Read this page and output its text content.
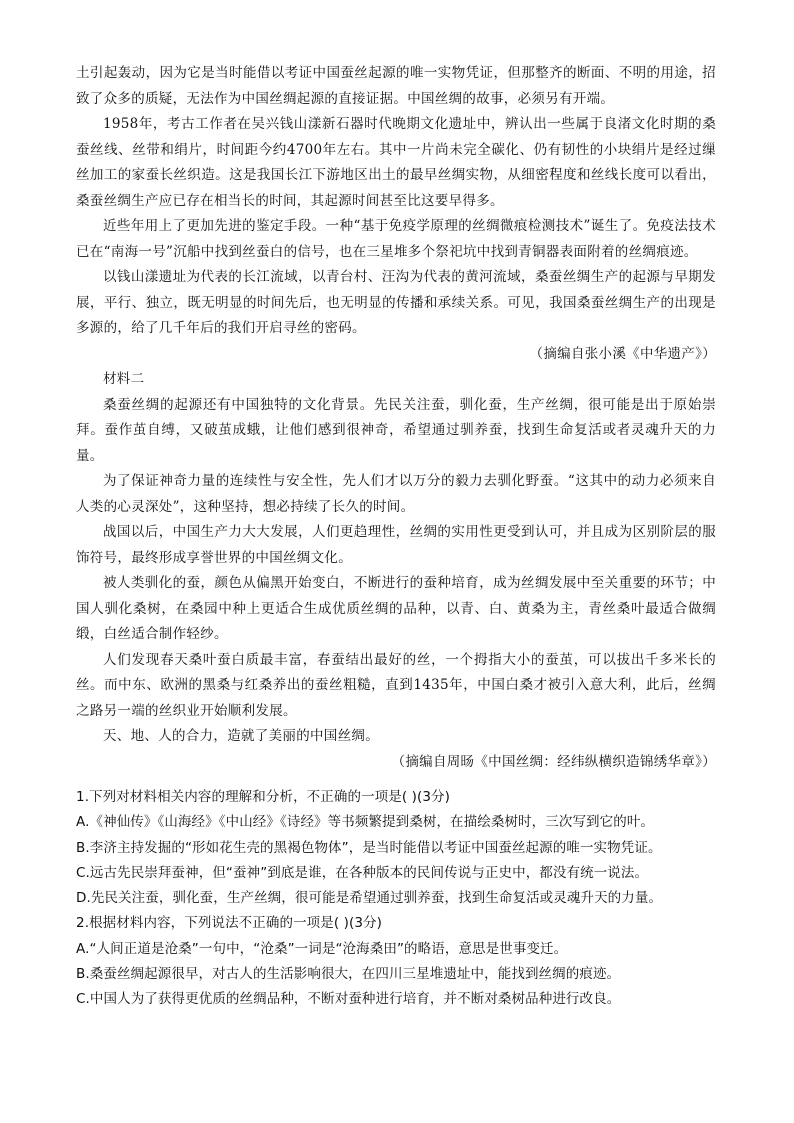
土引起轰动，因为它是当时能借以考证中国蚕丝起源的唯一实物凭证，但那整齐的断面、不明的用途，招致了众多的质疑，无法作为中国丝绸起源的直接证据。中国丝绸的故事，必须另有开端。

1958年，考古工作者在吴兴钱山漾新石器时代晚期文化遗址中，辨认出一些属于良渚文化时期的桑蚕丝线、丝带和绢片，时间距今约4700年左右。其中一片尚未完全碳化、仍有韧性的小块绢片是经过缫丝加工的家蚕长丝织造。这是我国长江下游地区出土的最早丝绸实物，从细密程度和丝线长度可以看出，桑蚕丝绸生产应已存在相当长的时间，其起源时间甚至比这要早得多。

近些年用上了更加先进的鉴定手段。一种“基于免疫学原理的丝绸微痕检测技术”诞生了。免疫法技术已在“南海一号”沉船中找到丝蚕白的信号，也在三星堆多个祭祀坑中找到青铜器表面附着的丝绸痕迹。

以钱山漾遗址为代表的长江流域，以青台村、汪沟为代表的黄河流域，桑蚕丝绸生产的起源与早期发展，平行、独立，既无明显的时间先后，也无明显的传播和承续关系。可见，我国桑蚕丝绸生产的出现是多源的，给了几千年后的我们开启寻丝的密码。

（摘编自张小溪《中华遗产》）

材料二

桑蚕丝绸的起源还有中国独特的文化背景。先民关注蚕，驯化蚕，生产丝绸，很可能是出于原始崇拜。蚕作茧自缚，又破茧成蛾，让他们感到很神奇，希望通过驯养蚕，找到生命复活或者灵魂升天的力量。

为了保证神奇力量的连续性与安全性，先人们才以万分的毅力去驯化野蚕。“这其中的动力必须来自人类的心灵深处”，这种坚持，想必持续了长久的时间。

战国以后，中国生产力大大发展，人们更趋理性，丝绸的实用性更受到认可，并且成为区别阶层的服饰符号，最终形成享誉世界的中国丝绸文化。

被人类驯化的蚕，颜色从偏黑开始变白，不断进行的蚕种培育，成为丝绸发展中至关重要的环节；中国人驯化桑树，在桑园中种上更适合生成优质丝绸的品种，以青、白、黄桑为主，青丝桑叶最适合做绸缎，白丝适合制作轻纱。

人们发现春天桑叶蚕白质最丰富，春蚕结出最好的丝，一个拇指大小的蚕茧，可以拔出千多米长的丝。而中东、欧洲的黑桑与红桑养出的蚕丝粗糙，直到1435年，中国白桑才被引入意大利，此后，丝绸之路另一端的丝织业开始顺利发展。

天、地、人的合力，造就了美丽的中国丝绸。

（摘编自周旸《中国丝绸：经纬纵横织造锦绣华章》）

1.下列对材料相关内容的理解和分析，不正确的一项是( )(3分)

A.《神仙传》《山海经》《中山经》《诗经》等书频繁提到桑树，在描绘桑树时，三次写到它的叶。

B.李济主持发掘的“形如花生壳的黑褐色物体”，是当时能借以考证中国蚕丝起源的唯一实物凭证。

C.远古先民崇拜蚕神，但“蚕神”到底是谁，在各种版本的民间传说与正史中，都没有统一说法。

D.先民关注蚕，驯化蚕，生产丝绸，很可能是希望通过驯养蚕，找到生命复活或灵魂升天的力量。

2.根据材料内容，下列说法不正确的一项是( )(3分)

A.“人间正道是沧桑”一句中，“沧桑”一词是“沧海桑田”的略语，意思是世事变迁。

B.桑蚕丝绸起源很早，对古人的生活影响很大，在四川三星堆遗址中，能找到丝绸的痕迹。

C.中国人为了获得更优质的丝绸品种，不断对蚕种进行培育，并不断对桑树品种进行改良。
